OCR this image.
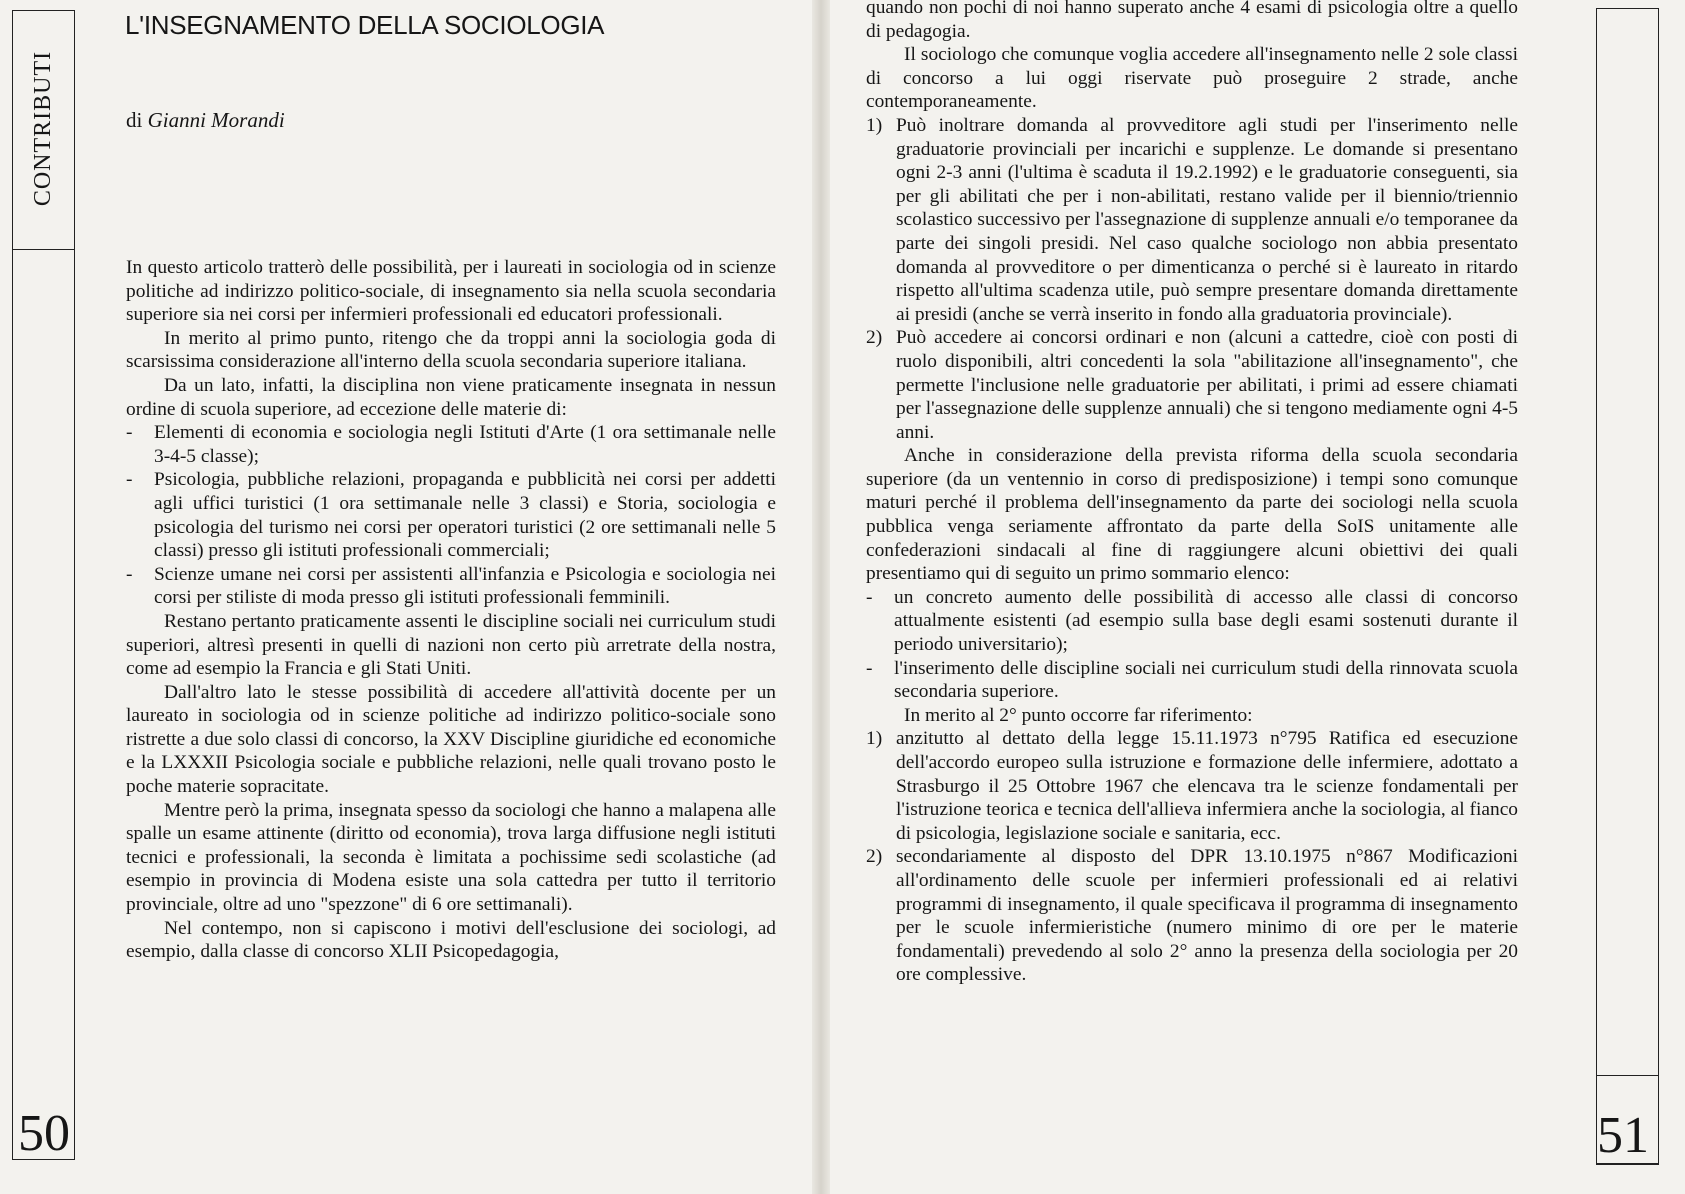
CONTRIBUTI
50
L'INSEGNAMENTO DELLA SOCIOLOGIA
di Gianni Morandi

In questo articolo tratterò delle possibilità, per i laureati in sociologia od in scienze politiche ad indirizzo politico-sociale, di insegnamento sia nella scuola secondaria superiore sia nei corsi per infermieri professionali ed educatori professionali.

In merito al primo punto, ritengo che da troppi anni la sociologia goda di scarsissima considerazione all'interno della scuola secondaria superiore italiana.

Da un lato, infatti, la disciplina non viene praticamente insegnata in nessun ordine di scuola superiore, ad eccezione delle materie di:

- Elementi di economia e sociologia negli Istituti d'Arte (1 ora settimanale nelle 3-4-5 classe);

- Psicologia, pubbliche relazioni, propaganda e pubblicità nei corsi per addetti agli uffici turistici (1 ora settimanale nelle 3 classi) e Storia, sociologia e psicologia del turismo nei corsi per operatori turistici (2 ore settimanali nelle 5 classi) presso gli istituti professionali commerciali;

- Scienze umane nei corsi per assistenti all'infanzia e Psicologia e sociologia nei corsi per stiliste di moda presso gli istituti professionali femminili.

Restano pertanto praticamente assenti le discipline sociali nei curriculum studi superiori, altresì presenti in quelli di nazioni non certo più arretrate della nostra, come ad esempio la Francia e gli Stati Uniti.

Dall'altro lato le stesse possibilità di accedere all'attività docente per un laureato in sociologia od in scienze politiche ad indirizzo politico-sociale sono ristrette a due solo classi di concorso, la XXV Discipline giuridiche ed economiche e la LXXXII Psicologia sociale e pubbliche relazioni, nelle quali trovano posto le poche materie sopracitate.

Mentre però la prima, insegnata spesso da sociologi che hanno a malapena alle spalle un esame attinente (diritto od economia), trova larga diffusione negli istituti tecnici e professionali, la seconda è limitata a pochissime sedi scolastiche (ad esempio in provincia di Modena esiste una sola cattedra per tutto il territorio provinciale, oltre ad uno "spezzone" di 6 ore settimanali).

Nel contempo, non si capiscono i motivi dell'esclusione dei sociologi, ad esempio, dalla classe di concorso XLII Psicopedagogia,

51

quando non pochi di noi hanno superato anche 4 esami di psicologia oltre a quello di pedagogia.

Il sociologo che comunque voglia accedere all'insegnamento nelle 2 sole classi di concorso a lui oggi riservate può proseguire 2 strade, anche contemporaneamente.

1) Può inoltrare domanda al provveditore agli studi per l'inserimento nelle graduatorie provinciali per incarichi e supplenze. Le domande si presentano ogni 2-3 anni (l'ultima è scaduta il 19.2.1992) e le graduatorie conseguenti, sia per gli abilitati che per i non-abilitati, restano valide per il biennio/triennio scolastico successivo per l'assegnazione di supplenze annuali e/o temporanee da parte dei singoli presidi. Nel caso qualche sociologo non abbia presentato domanda al provveditore o per dimenticanza o perché si è laureato in ritardo rispetto all'ultima scadenza utile, può sempre presentare domanda direttamente ai presidi (anche se verrà inserito in fondo alla graduatoria provinciale).

2) Può accedere ai concorsi ordinari e non (alcuni a cattedre, cioè con posti di ruolo disponibili, altri concedenti la sola "abilitazione all'insegnamento", che permette l'inclusione nelle graduatorie per abilitati, i primi ad essere chiamati per l'assegnazione delle supplenze annuali) che si tengono mediamente ogni 4-5 anni.

Anche in considerazione della prevista riforma della scuola secondaria superiore (da un ventennio in corso di predisposizione) i tempi sono comunque maturi perché il problema dell'insegnamento da parte dei sociologi nella scuola pubblica venga seriamente affrontato da parte della SoIS unitamente alle confederazioni sindacali al fine di raggiungere alcuni obiettivi dei quali presentiamo qui di seguito un primo sommario elenco:

- un concreto aumento delle possibilità di accesso alle classi di concorso attualmente esistenti (ad esempio sulla base degli esami sostenuti durante il periodo universitario);

- l'inserimento delle discipline sociali nei curriculum studi della rinnovata scuola secondaria superiore.

In merito al 2° punto occorre far riferimento:

1) anzitutto al dettato della legge 15.11.1973 n°795 Ratifica ed esecuzione dell'accordo europeo sulla istruzione e formazione delle infermiere, adottato a Strasburgo il 25 Ottobre 1967 che elencava tra le scienze fondamentali per l'istruzione teorica e tecnica dell'allieva infermiera anche la sociologia, al fianco di psicologia, legislazione sociale e sanitaria, ecc.

2) secondariamente al disposto del DPR 13.10.1975 n°867 Modificazioni all'ordinamento delle scuole per infermieri professionali ed ai relativi programmi di insegnamento, il quale specificava il programma di insegnamento per le scuole infermieristiche (numero minimo di ore per le materie fondamentali) prevedendo al solo 2° anno la presenza della sociologia per 20 ore complessive.
